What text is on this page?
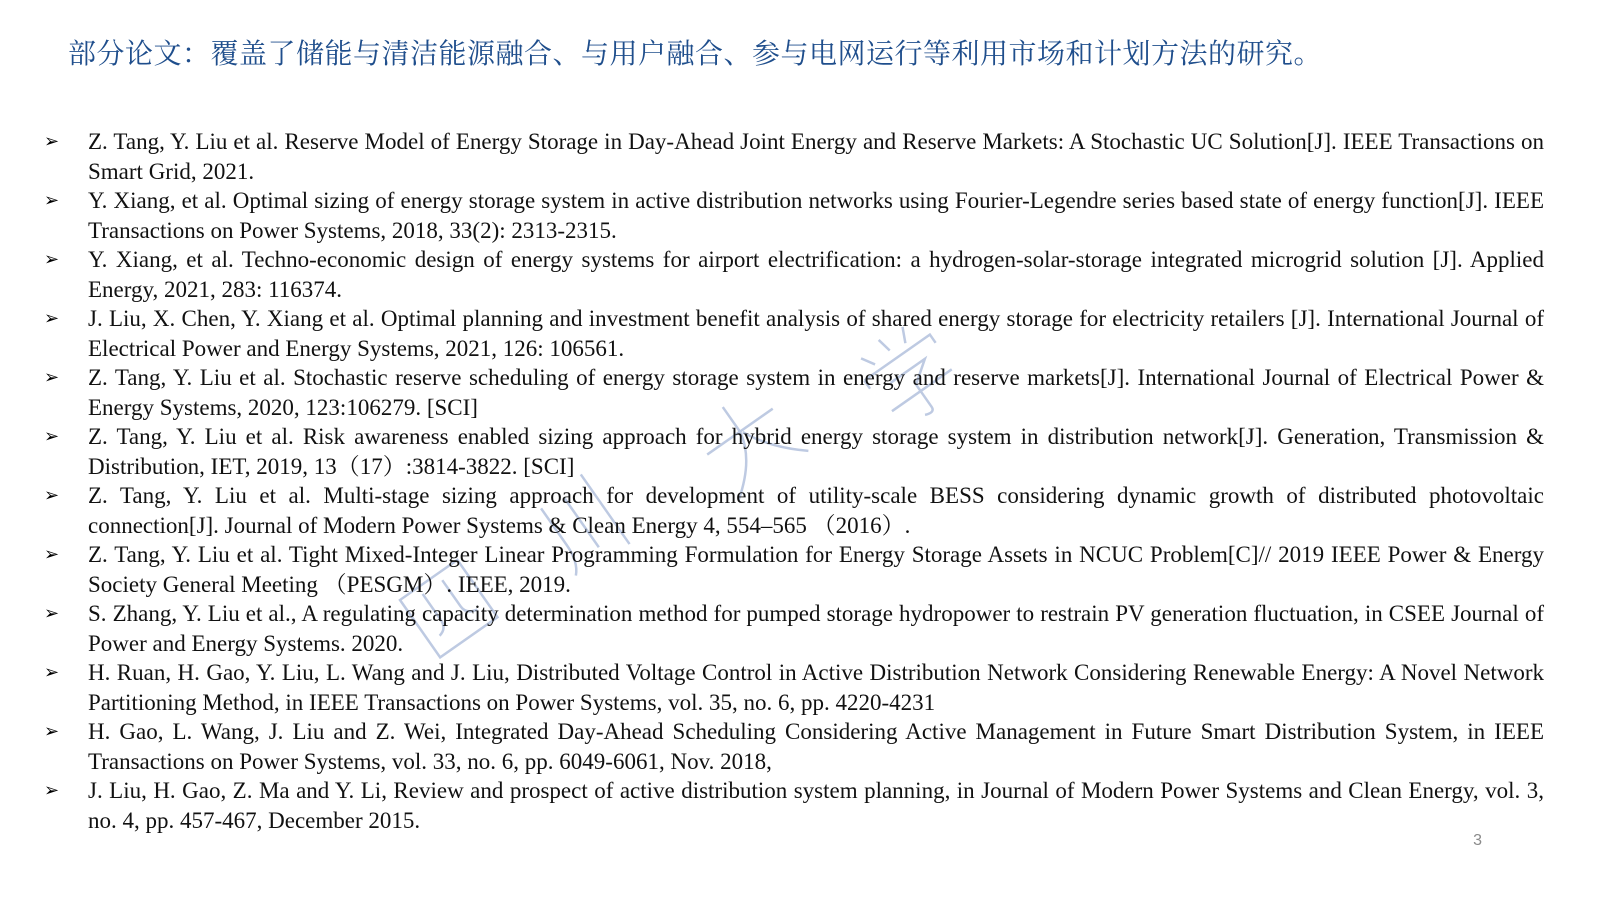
部分论文：覆盖了储能与清洁能源融合、与用户融合、参与电网运行等利用市场和计划方法的研究。
➢ Z. Tang, Y. Liu et al. Reserve Model of Energy Storage in Day-Ahead Joint Energy and Reserve Markets: A Stochastic UC Solution[J]. IEEE Transactions on Smart Grid, 2021.
➢ Y. Xiang, et al. Optimal sizing of energy storage system in active distribution networks using Fourier-Legendre series based state of energy function[J]. IEEE Transactions on Power Systems, 2018, 33(2): 2313-2315.
➢ Y. Xiang, et al. Techno-economic design of energy systems for airport electrification: a hydrogen-solar-storage integrated microgrid solution [J]. Applied Energy, 2021, 283: 116374.
➢ J. Liu, X. Chen, Y. Xiang et al. Optimal planning and investment benefit analysis of shared energy storage for electricity retailers [J]. International Journal of Electrical Power and Energy Systems, 2021, 126: 106561.
➢ Z. Tang, Y. Liu et al. Stochastic reserve scheduling of energy storage system in energy and reserve markets[J]. International Journal of Electrical Power & Energy Systems, 2020, 123:106279. [SCI]
➢ Z. Tang, Y. Liu et al. Risk awareness enabled sizing approach for hybrid energy storage system in distribution network[J]. Generation, Transmission & Distribution, IET, 2019, 13（17）:3814-3822. [SCI]
➢ Z. Tang, Y. Liu et al. Multi-stage sizing approach for development of utility-scale BESS considering dynamic growth of distributed photovoltaic connection[J]. Journal of Modern Power Systems & Clean Energy 4, 554–565 （2016）.
➢ Z. Tang, Y. Liu et al. Tight Mixed-Integer Linear Programming Formulation for Energy Storage Assets in NCUC Problem[C]// 2019 IEEE Power & Energy Society General Meeting （PESGM）. IEEE, 2019.
➢ S. Zhang, Y. Liu et al., A regulating capacity determination method for pumped storage hydropower to restrain PV generation fluctuation, in CSEE Journal of Power and Energy Systems. 2020.
➢ H. Ruan, H. Gao, Y. Liu, L. Wang and J. Liu, Distributed Voltage Control in Active Distribution Network Considering Renewable Energy: A Novel Network Partitioning Method, in IEEE Transactions on Power Systems, vol. 35, no. 6, pp. 4220-4231
➢ H. Gao, L. Wang, J. Liu and Z. Wei, Integrated Day-Ahead Scheduling Considering Active Management in Future Smart Distribution System, in IEEE Transactions on Power Systems, vol. 33, no. 6, pp. 6049-6061, Nov. 2018,
➢ J. Liu, H. Gao, Z. Ma and Y. Li, Review and prospect of active distribution system planning, in Journal of Modern Power Systems and Clean Energy, vol. 3, no. 4, pp. 457-467, December 2015.
3
